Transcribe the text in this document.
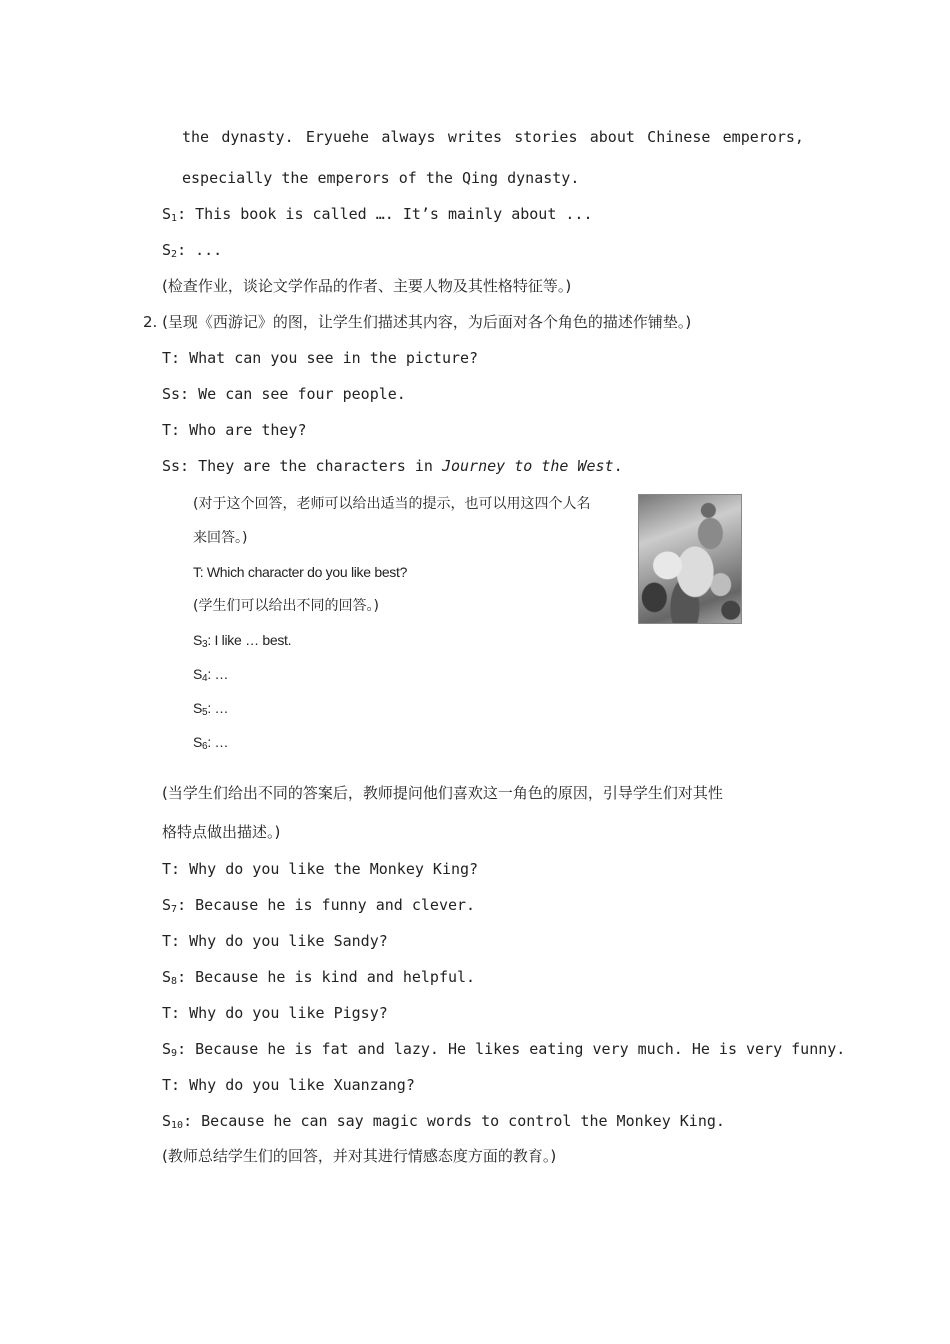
the dynasty. Eryuehe always writes stories about Chinese emperors,
especially the emperors of the Qing dynasty.
$S_1$: This book is called …. It’s mainly about ...
$S_2$: ...
(检查作业，谈论文学作品的作者、主要人物及其性格特征等。)
2. (呈现《西游记》的图，让学生们描述其内容，为后面对各个角色的描述作铺垫。)
T: What can you see in the picture?
Ss: We can see four people.
T: Who are they?
Ss: They are the characters in Journey to the West.
(对于这个回答，老师可以给出适当的提示，也可以用这四个人名
来回答。)
T: Which character do you like best?
(学生们可以给出不同的回答。)
$S_3$: I like … best.
$S_4$: …
$S_5$: …
$S_6$: …
(当学生们给出不同的答案后，教师提问他们喜欢这一角色的原因，引导学生们对其性
格特点做出描述。)
T: Why do you like the Monkey King?
$S_7$: Because he is funny and clever.
T: Why do you like Sandy?
$S_8$: Because he is kind and helpful.
T: Why do you like Pigsy?
$S_9$: Because he is fat and lazy. He likes eating very much. He is very funny.
T: Why do you like Xuanzang?
$S_{10}$: Because he can say magic words to control the Monkey King.
(教师总结学生们的回答，并对其进行情感态度方面的教育。)
